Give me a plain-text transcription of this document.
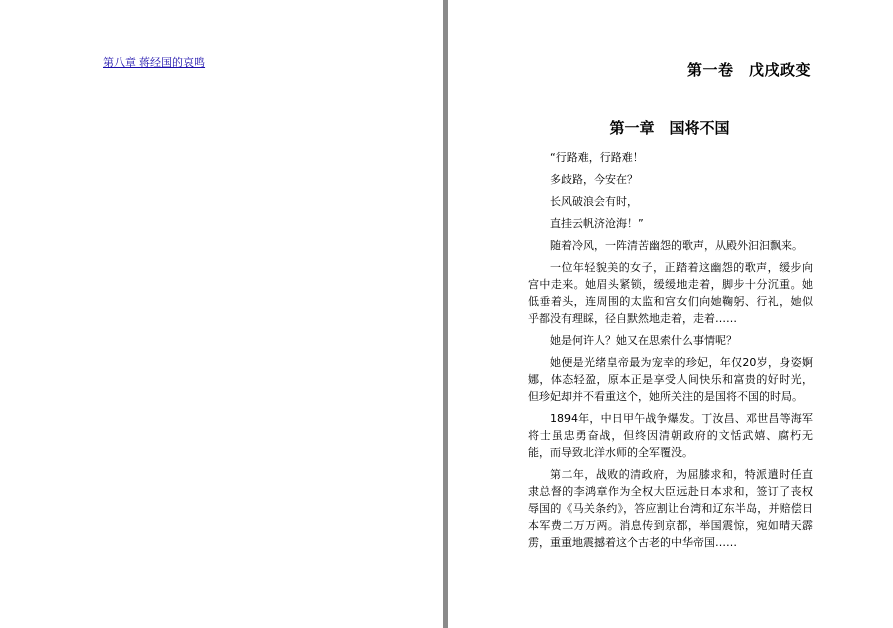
第八章 蒋经国的哀鸣	第一卷　戊戌政变
第一章　国将不国

“行路难，行路难！

多歧路，今安在？

长风破浪会有时，

直挂云帆济沧海！”

随着冷风，一阵清苦幽怨的歌声，从殿外汩汩飘来。

一位年轻貌美的女子，正踏着这幽怨的歌声，缓步向宫中走来。她眉头紧锁，缓缓地走着，脚步十分沉重。她低垂着头，连周围的太监和宫女们向她鞠躬、行礼，她似乎都没有理睬，径自默然地走着，走着……

她是何许人？她又在思索什么事情呢？

她便是光绪皇帝最为宠幸的珍妃，年仅20岁，身姿婀娜，体态轻盈，原本正是享受人间快乐和富贵的好时光，但珍妃却并不看重这个，她所关注的是国将不国的时局。

1894年，中日甲午战争爆发。丁汝昌、邓世昌等海军将士虽忠勇奋战，但终因清朝政府的文恬武嬉、腐朽无能，而导致北洋水师的全军覆没。

第二年，战败的清政府，为屈膝求和，特派遣时任直隶总督的李鸿章作为全权大臣远赴日本求和，签订了丧权辱国的《马关条约》，答应割让台湾和辽东半岛，并赔偿日本军费二万万两。消息传到京都，举国震惊，宛如晴天霹雳，重重地震撼着这个古老的中华帝国……
